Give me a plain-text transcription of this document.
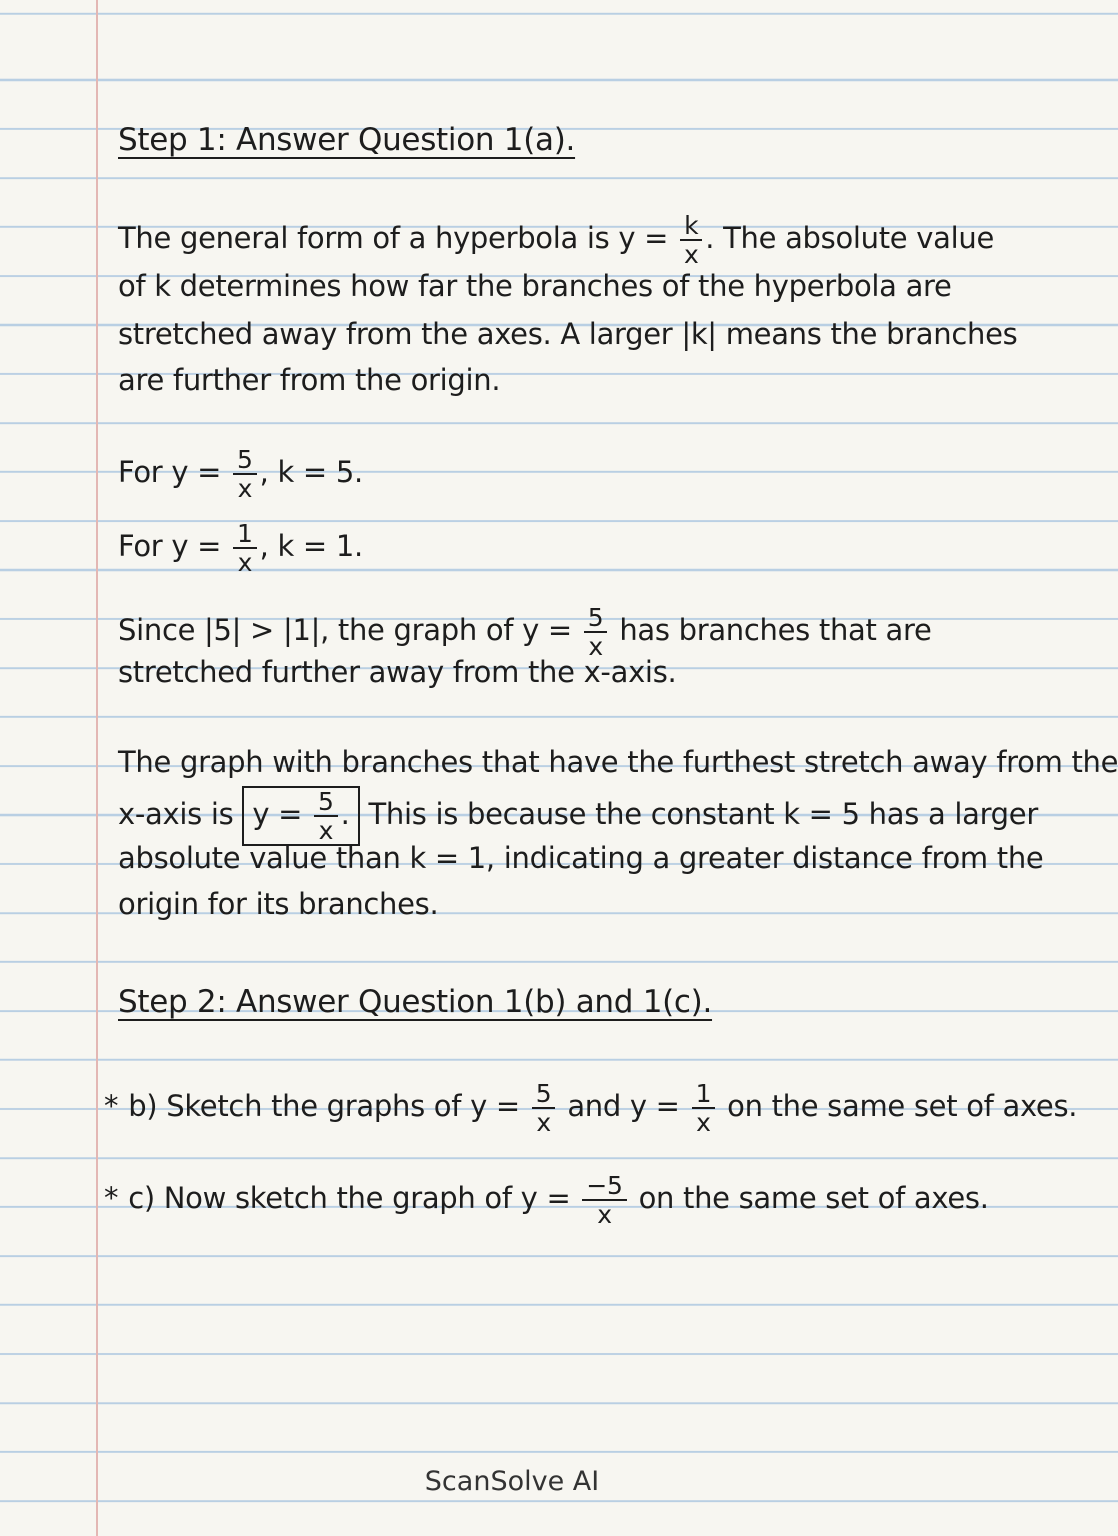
Step 1: Answer Question 1(a).
The general form of a hyperbola is $y = \frac{k}{x}$ . The absolute value
of k determines how far the branches of the hyperbola are
stretched away from the axes. A larger |k| means the branches
are further from the origin.
For $y = \frac{5}{x}$ , k = 5.
For $y = \frac{1}{x}$ , k = 1.
Since |5| > |1|, the graph of $y = \frac{5}{x}$ has branches that are
stretched further away from the x-axis.
The graph with branches that have the furthest stretch away from the
x-axis is $y = \frac{5}{x}$ . This is because the constant k = 5 has a larger
absolute value than k = 1, indicating a greater distance from the
origin for its branches.
Step 2: Answer Question 1(b) and 1(c).
* b) Sketch the graphs of $y = \frac{5}{x}$ and $y = \frac{1}{x}$ on the same set of axes.
* c) Now sketch the graph of $y = \frac{-5}{x}$ on the same set of axes.
ScanSolve AI
